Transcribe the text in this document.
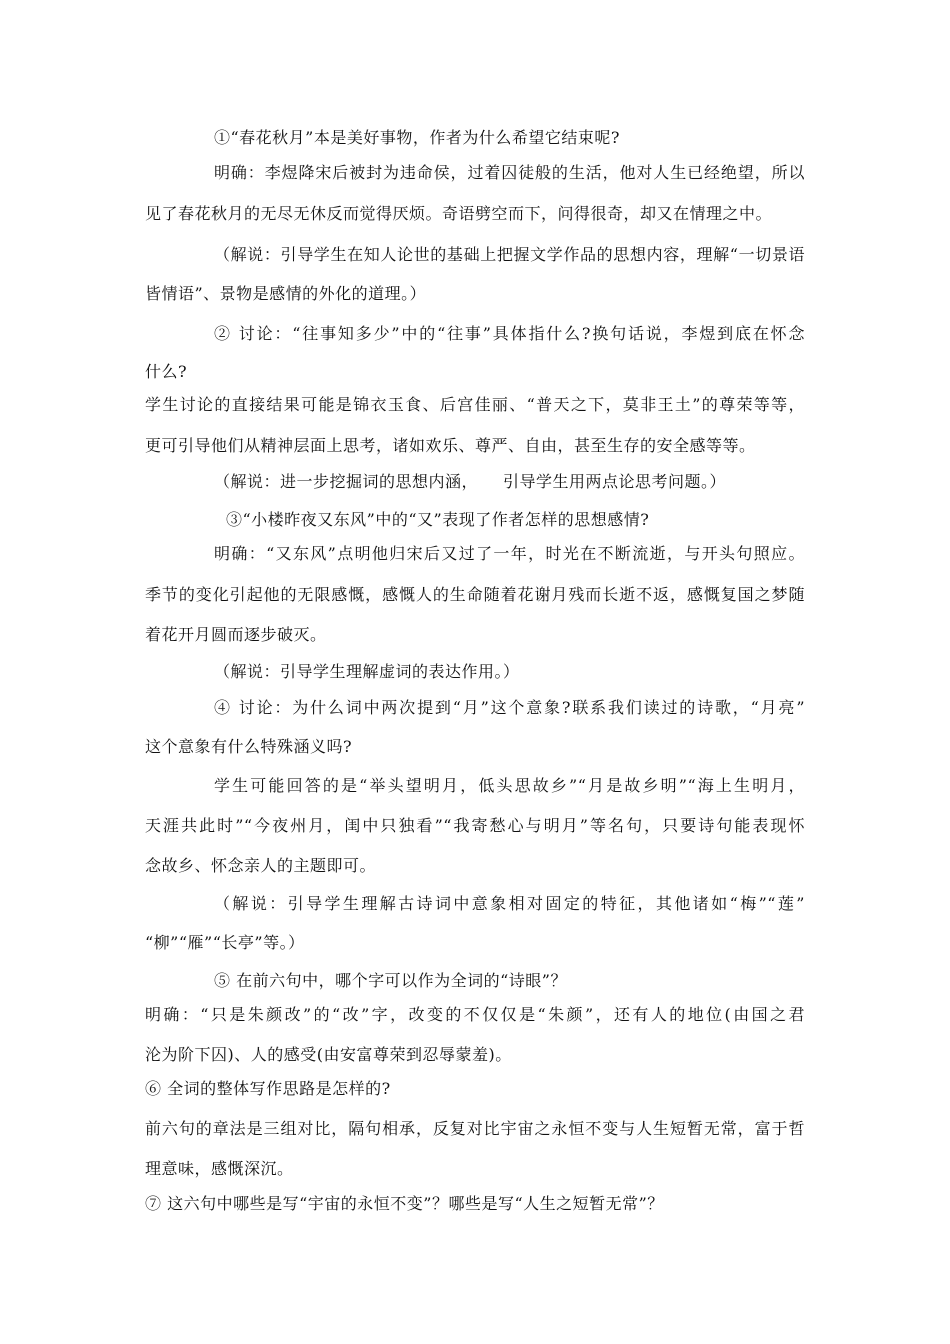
①“春花秋月”本是美好事物，作者为什么希望它结束呢?
明确：李煜降宋后被封为违命侯，过着囚徒般的生活，他对人生已经绝望，所以
见了春花秋月的无尽无休反而觉得厌烦。奇语劈空而下，问得很奇，却又在情理之中。
（解说：引导学生在知人论世的基础上把握文学作品的思想内容，理解“一切景语
皆情语”、景物是感情的外化的道理。）
② 讨论：“往事知多少”中的“往事”具体指什么?换句话说，李煜到底在怀念
什么?
学生讨论的直接结果可能是锦衣玉食、后宫佳丽、“普天之下，莫非王土”的尊荣等等，
更可引导他们从精神层面上思考，诸如欢乐、尊严、自由，甚至生存的安全感等等。
（解说：进一步挖掘词的思想内涵，　　引导学生用两点论思考问题。）
③“小楼昨夜又东风”中的“又”表现了作者怎样的思想感情?
明确：“又东风”点明他归宋后又过了一年，时光在不断流逝，与开头句照应。
季节的变化引起他的无限感慨，感慨人的生命随着花谢月残而长逝不返，感慨复国之梦随
着花开月圆而逐步破灭。
（解说：引导学生理解虚词的表达作用。）
④ 讨论：为什么词中两次提到“月”这个意象?联系我们读过的诗歌，“月亮”
这个意象有什么特殊涵义吗?
学生可能回答的是“举头望明月，低头思故乡”“月是故乡明”“海上生明月，
天涯共此时”“今夜州月，闺中只独看”“我寄愁心与明月”等名句，只要诗句能表现怀
念故乡、怀念亲人的主题即可。
（解说：引导学生理解古诗词中意象相对固定的特征，其他诸如“梅”“莲”
“柳”“雁”“长亭”等。）
⑤ 在前六句中，哪个字可以作为全词的“诗眼”？
明确：“只是朱颜改”的“改”字，改变的不仅仅是“朱颜”，还有人的地位(由国之君
沦为阶下囚)、人的感受(由安富尊荣到忍辱蒙羞)。
⑥ 全词的整体写作思路是怎样的?
前六句的章法是三组对比，隔句相承，反复对比宇宙之永恒不变与人生短暂无常，富于哲
理意味，感慨深沉。
⑦ 这六句中哪些是写“宇宙的永恒不变”？哪些是写“人生之短暂无常”？
